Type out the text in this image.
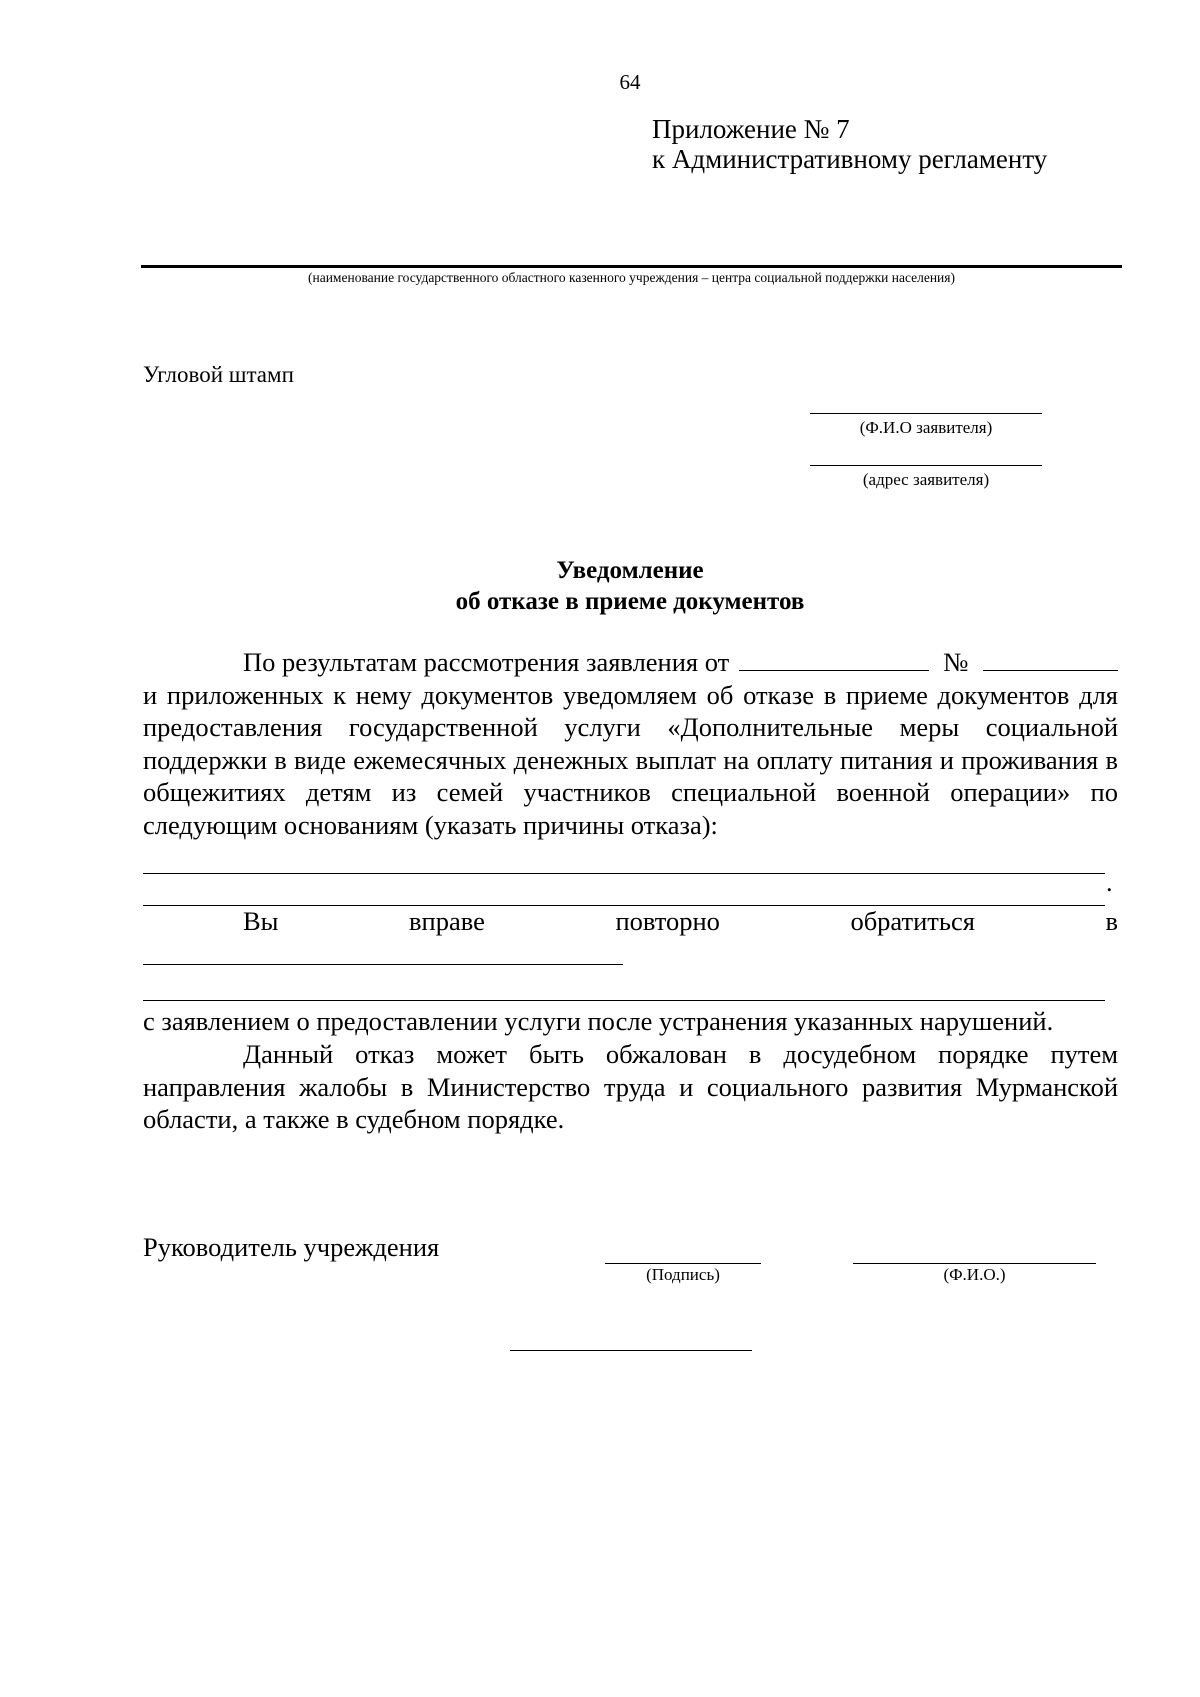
64
Приложение № 7
к Административному регламенту
(наименование государственного областного казенного учреждения – центра социальной поддержки населения)
Угловой штамп
(Ф.И.О заявителя)
(адрес заявителя)
Уведомление
об отказе в приеме документов
По результатам рассмотрения заявления от	№
и приложенных к нему документов уведомляем об отказе в приеме документов для предоставления государственной услуги «Дополнительные меры социальной поддержки в виде ежемесячных денежных выплат на оплату питания и проживания в общежитиях детям из семей участников специальной военной операции» по следующим основаниям (указать причины отказа):
.
Вы	вправе	повторно	обратиться	в
с заявлением о предоставлении услуги после устранения указанных нарушений.
Данный отказ может быть обжалован в досудебном порядке путем направления жалобы в Министерство труда и социального развития Мурманской области, а также в судебном порядке.
Руководитель учреждения
(Подпись)	(Ф.И.О.)
